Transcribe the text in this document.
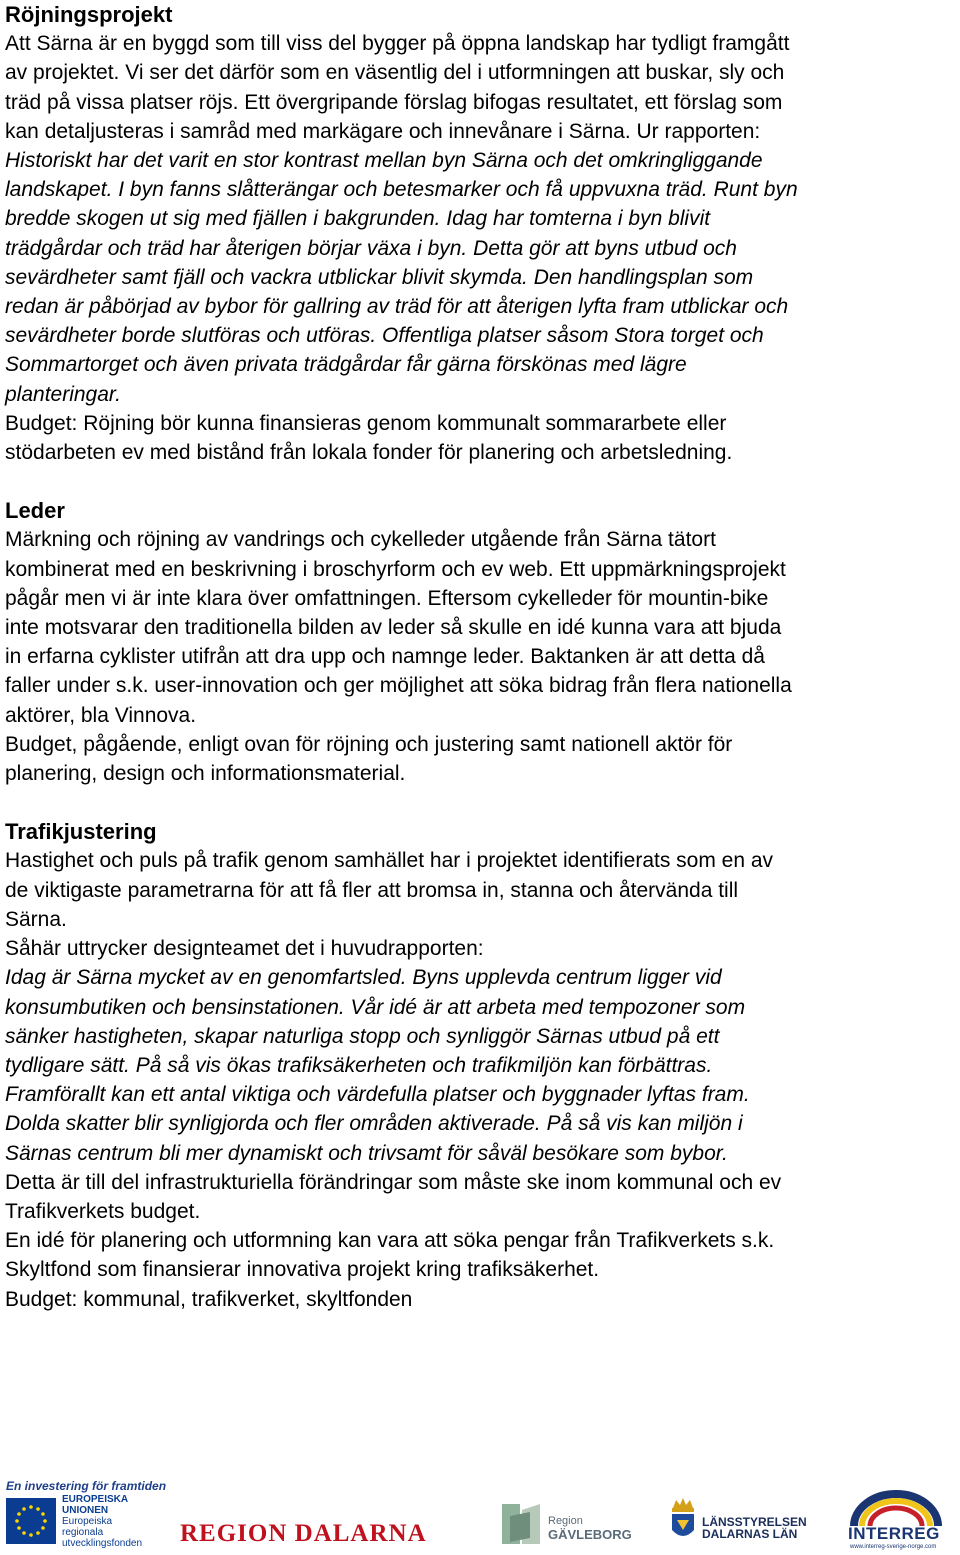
Röjningsprojekt

Att Särna är en byggd som till viss del bygger på öppna landskap har tydligt framgått

av projektet. Vi ser det därför som en väsentlig del i utformningen att buskar, sly och

träd på vissa platser röjs. Ett övergripande förslag bifogas resultatet, ett förslag som

kan detaljusteras i samråd med markägare och innevånare i Särna. Ur rapporten:

Historiskt har det varit en stor kontrast mellan byn Särna och det omkringliggande

landskapet. I byn fanns slåtterängar och betesmarker och få uppvuxna träd. Runt byn

bredde skogen ut sig med fjällen i bakgrunden. Idag har tomterna i byn blivit

trädgårdar och träd har återigen börjar växa i byn. Detta gör att byns utbud och

sevärdheter samt fjäll och vackra utblickar blivit skymda. Den handlingsplan som

redan är påbörjad av bybor för gallring av träd för att återigen lyfta fram utblickar och

sevärdheter borde slutföras och utföras. Offentliga platser såsom Stora torget och

Sommartorget och även privata trädgårdar får gärna förskönas med lägre

planteringar.

Budget: Röjning bör kunna finansieras genom kommunalt sommararbete eller

stödarbeten ev med bistånd från lokala fonder för planering och arbetsledning.

Leder

Märkning och röjning av vandrings och cykelleder utgående från Särna tätort

kombinerat med en beskrivning i broschyrform och ev web. Ett uppmärkningsprojekt

pågår men vi är inte klara över omfattningen. Eftersom cykelleder för mountin-bike

inte motsvarar den traditionella bilden av leder så skulle en idé kunna vara att bjuda

in erfarna cyklister utifrån att dra upp och namnge leder. Baktanken är att detta då

faller under s.k. user-innovation och ger möjlighet att söka bidrag från flera nationella

aktörer, bla Vinnova.

Budget, pågående, enligt ovan för röjning och justering samt nationell aktör för

planering, design och informationsmaterial.

Trafikjustering

Hastighet och puls på trafik genom samhället har i projektet identifierats som en av

de viktigaste parametrarna för att få fler att bromsa in, stanna och återvända till

Särna.

Såhär uttrycker designteamet det i huvudrapporten:

Idag är Särna mycket av en genomfartsled. Byns upplevda centrum ligger vid

konsumbutiken och bensinstationen. Vår idé är att arbeta med tempozoner som

sänker hastigheten, skapar naturliga stopp och synliggör Särnas utbud på ett

tydligare sätt. På så vis ökas trafiksäkerheten och trafikmiljön kan förbättras.

Framförallt kan ett antal viktiga och värdefulla platser och byggnader lyftas fram.

Dolda skatter blir synligjorda och fler områden aktiverade. På så vis kan miljön i

Särnas centrum bli mer dynamiskt och trivsamt för såväl besökare som bybor.

Detta är till del infrastrukturiella förändringar som måste ske inom kommunal och ev

Trafikverkets budget.

En idé för planering och utformning kan vara att söka pengar från Trafikverkets s.k.

Skyltfond som finansierar innovativa projekt kring trafiksäkerhet.

Budget: kommunal, trafikverket, skyltfonden

En investering för framtiden
EUROPEISKA
UNIONEN
Europeiska
regionala
utvecklingsfonden	REGION DALARNA	Region
GÄVLEBORG
LÄNSSTYRELSEN
DALARNAS LÄN	INTERREG
www.interreg-sverige-norge.com
